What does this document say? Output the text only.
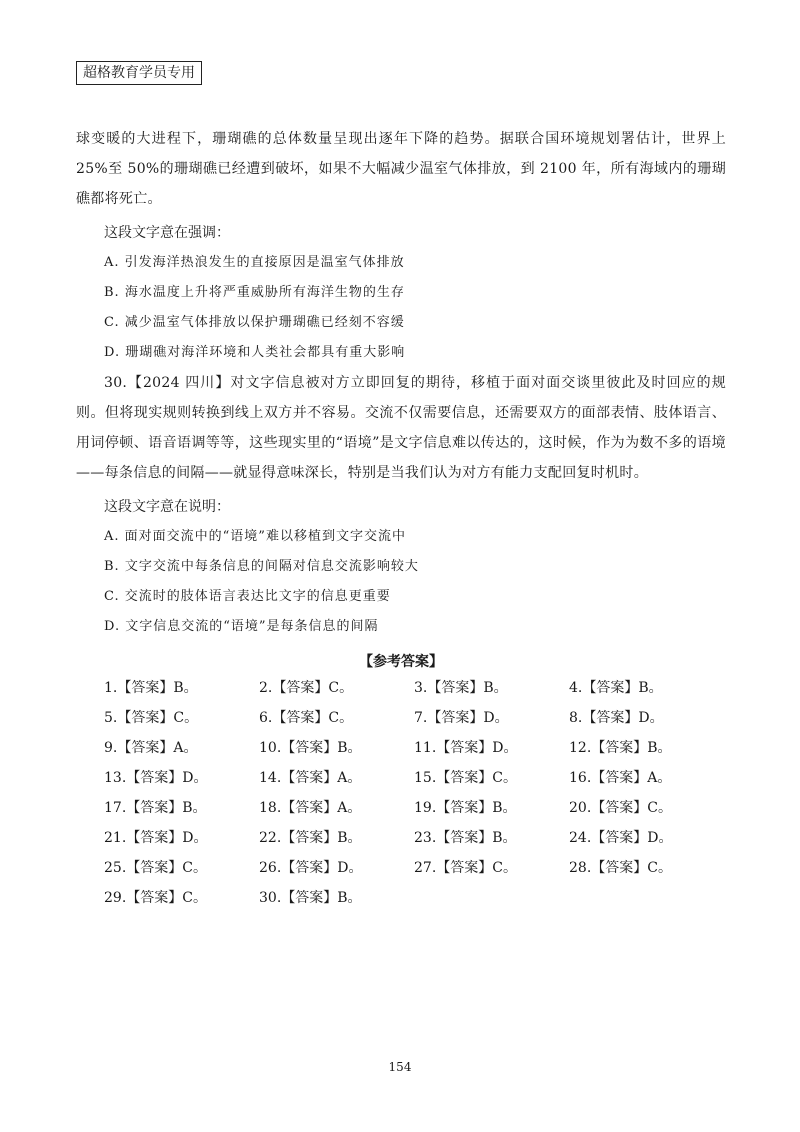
超格教育学员专用

球变暖的大进程下，珊瑚礁的总体数量呈现出逐年下降的趋势。据联合国环境规划署估计，世界上 25%至 50%的珊瑚礁已经遭到破坏，如果不大幅减少温室气体排放，到 2100 年，所有海域内的珊瑚礁都将死亡。

这段文字意在强调：

A. 引发海洋热浪发生的直接原因是温室气体排放
B. 海水温度上升将严重威胁所有海洋生物的生存
C. 减少温室气体排放以保护珊瑚礁已经刻不容缓
D. 珊瑚礁对海洋环境和人类社会都具有重大影响

30.【2024 四川】对文字信息被对方立即回复的期待，移植于面对面交谈里彼此及时回应的规则。但将现实规则转换到线上双方并不容易。交流不仅需要信息，还需要双方的面部表情、肢体语言、用词停顿、语音语调等等，这些现实里的“语境”是文字信息难以传达的，这时候，作为为数不多的语境——每条信息的间隔——就显得意味深长，特别是当我们认为对方有能力支配回复时机时。

这段文字意在说明：

A. 面对面交流中的“语境”难以移植到文字交流中
B. 文字交流中每条信息的间隔对信息交流影响较大
C. 交流时的肢体语言表达比文字的信息更重要
D. 文字信息交流的“语境”是每条信息的间隔
【参考答案】
1.【答案】B。	2.【答案】C。	3.【答案】B。	4.【答案】B。
5.【答案】C。	6.【答案】C。	7.【答案】D。	8.【答案】D。
9.【答案】A。	10.【答案】B。	11.【答案】D。	12.【答案】B。
13.【答案】D。	14.【答案】A。	15.【答案】C。	16.【答案】A。
17.【答案】B。	18.【答案】A。	19.【答案】B。	20.【答案】C。
21.【答案】D。	22.【答案】B。	23.【答案】B。	24.【答案】D。
25.【答案】C。	26.【答案】D。	27.【答案】C。	28.【答案】C。
29.【答案】C。	30.【答案】B。
154
